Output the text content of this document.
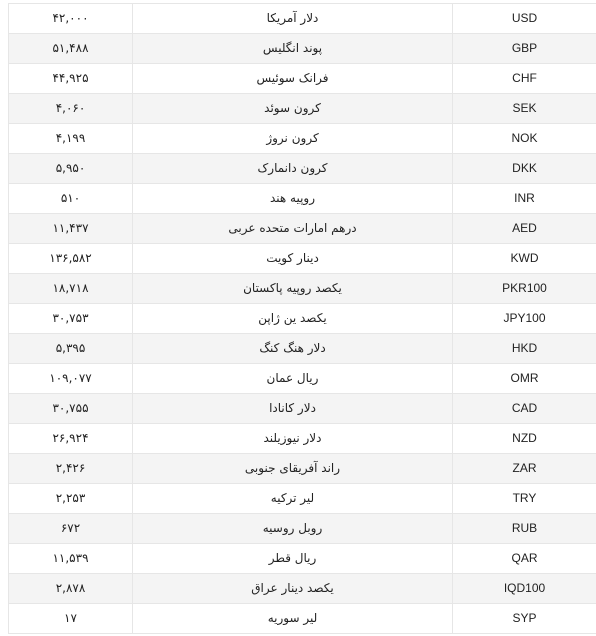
۴۲,۰۰۰	دلار آمریکا	USD
۵۱,۴۸۸	پوند انگلیس	GBP
۴۴,۹۲۵	فرانک سوئیس	CHF
۴,۰۶۰	کرون سوئد	SEK
۴,۱۹۹	کرون نروژ	NOK
۵,۹۵۰	کرون دانمارک	DKK
۵۱۰	روپیه هند	INR
۱۱,۴۳۷	درهم امارات متحده عربی	AED
۱۳۶,۵۸۲	دینار کویت	KWD
۱۸,۷۱۸	یکصد روپیه پاکستان	PKR100
۳۰,۷۵۳	یکصد ین ژاپن	JPY100
۵,۳۹۵	دلار هنگ کنگ	HKD
۱۰۹,۰۷۷	ریال عمان	OMR
۳۰,۷۵۵	دلار کانادا	CAD
۲۶,۹۲۴	دلار نیوزیلند	NZD
۲,۴۲۶	راند آفریقای جنوبی	ZAR
۲,۲۵۳	لیر ترکیه	TRY
۶۷۲	روبل روسیه	RUB
۱۱,۵۳۹	ریال قطر	QAR
۲,۸۷۸	یکصد دینار عراق	IQD100
۱۷	لیر سوریه	SYP
